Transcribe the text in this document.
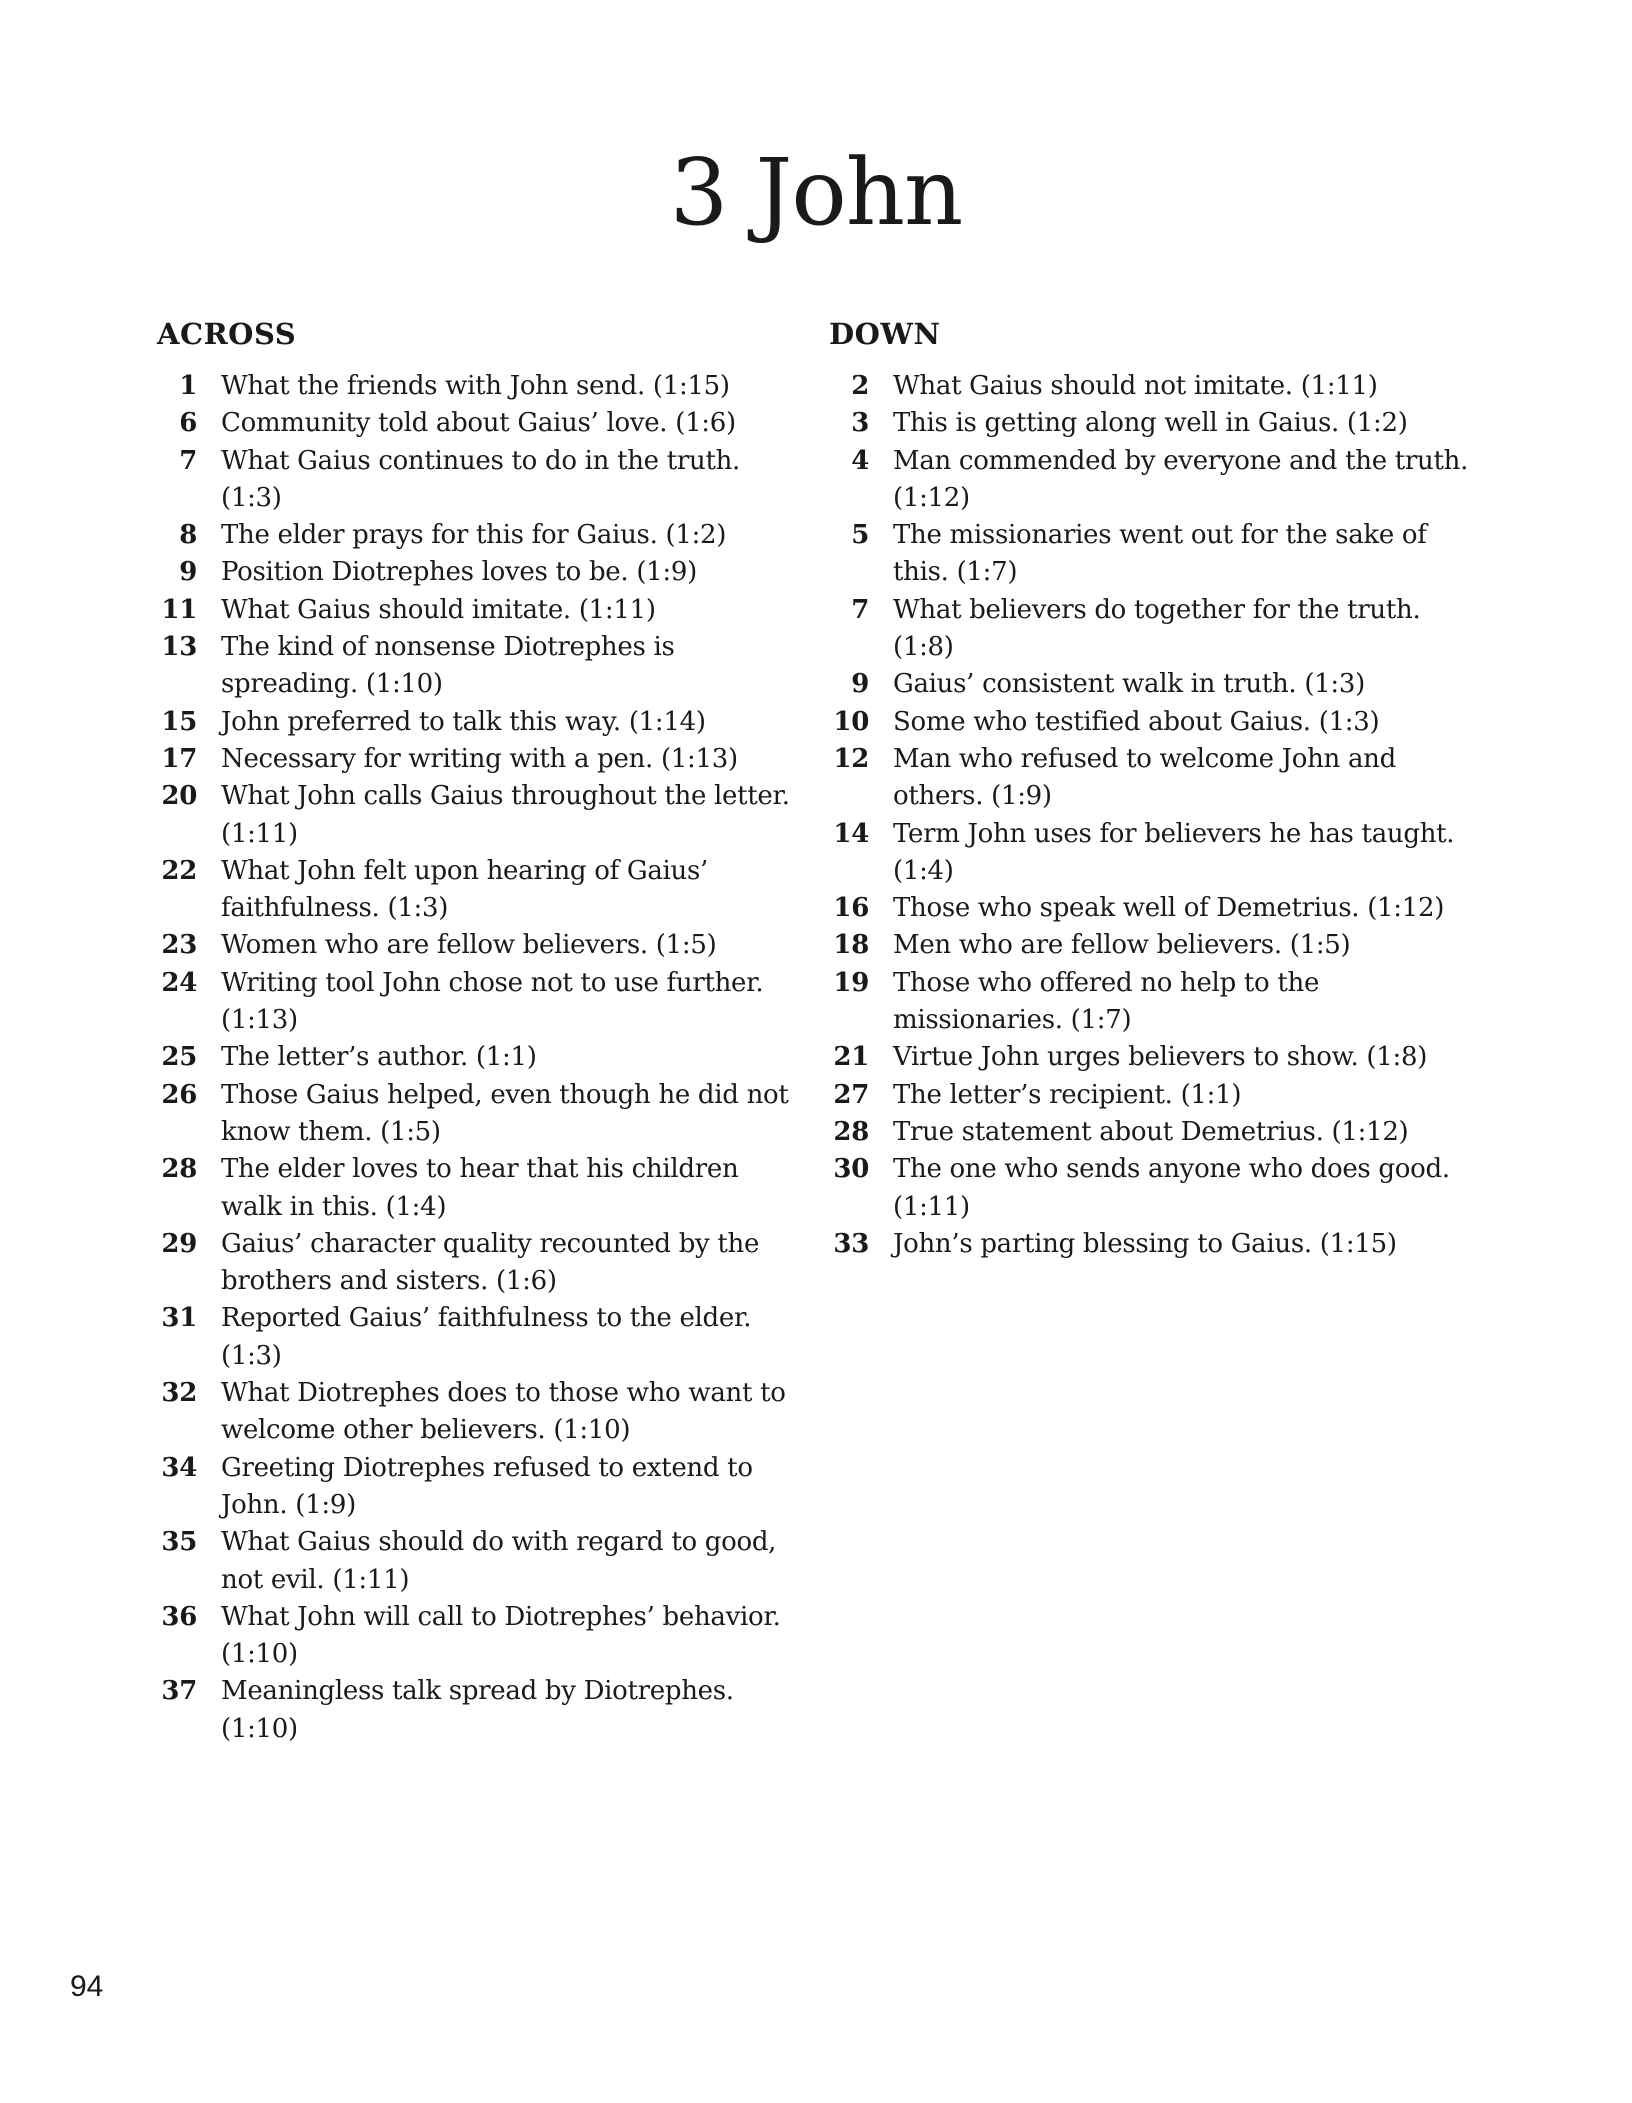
3 John
ACROSS
1 What the friends with John send. (1:15)
6 Community told about Gaius’ love. (1:6)
7 What Gaius continues to do in the truth. (1:3)
8 The elder prays for this for Gaius. (1:2)
9 Position Diotrephes loves to be. (1:9)
11 What Gaius should imitate. (1:11)
13 The kind of nonsense Diotrephes is spreading. (1:10)
15 John preferred to talk this way. (1:14)
17 Necessary for writing with a pen. (1:13)
20 What John calls Gaius throughout the letter. (1:11)
22 What John felt upon hearing of Gaius’ faithfulness. (1:3)
23 Women who are fellow believers. (1:5)
24 Writing tool John chose not to use further. (1:13)
25 The letter’s author. (1:1)
26 Those Gaius helped, even though he did not know them. (1:5)
28 The elder loves to hear that his children walk in this. (1:4)
29 Gaius’ character quality recounted by the brothers and sisters. (1:6)
31 Reported Gaius’ faithfulness to the elder. (1:3)
32 What Diotrephes does to those who want to welcome other believers. (1:10)
34 Greeting Diotrephes refused to extend to John. (1:9)
35 What Gaius should do with regard to good, not evil. (1:11)
36 What John will call to Diotrephes’ behavior. (1:10)
37 Meaningless talk spread by Diotrephes. (1:10)
DOWN
2 What Gaius should not imitate. (1:11)
3 This is getting along well in Gaius. (1:2)
4 Man commended by everyone and the truth. (1:12)
5 The missionaries went out for the sake of this. (1:7)
7 What believers do together for the truth. (1:8)
9 Gaius’ consistent walk in truth. (1:3)
10 Some who testified about Gaius. (1:3)
12 Man who refused to welcome John and others. (1:9)
14 Term John uses for believers he has taught. (1:4)
16 Those who speak well of Demetrius. (1:12)
18 Men who are fellow believers. (1:5)
19 Those who offered no help to the missionaries. (1:7)
21 Virtue John urges believers to show. (1:8)
27 The letter’s recipient. (1:1)
28 True statement about Demetrius. (1:12)
30 The one who sends anyone who does good. (1:11)
33 John’s parting blessing to Gaius. (1:15)
94
